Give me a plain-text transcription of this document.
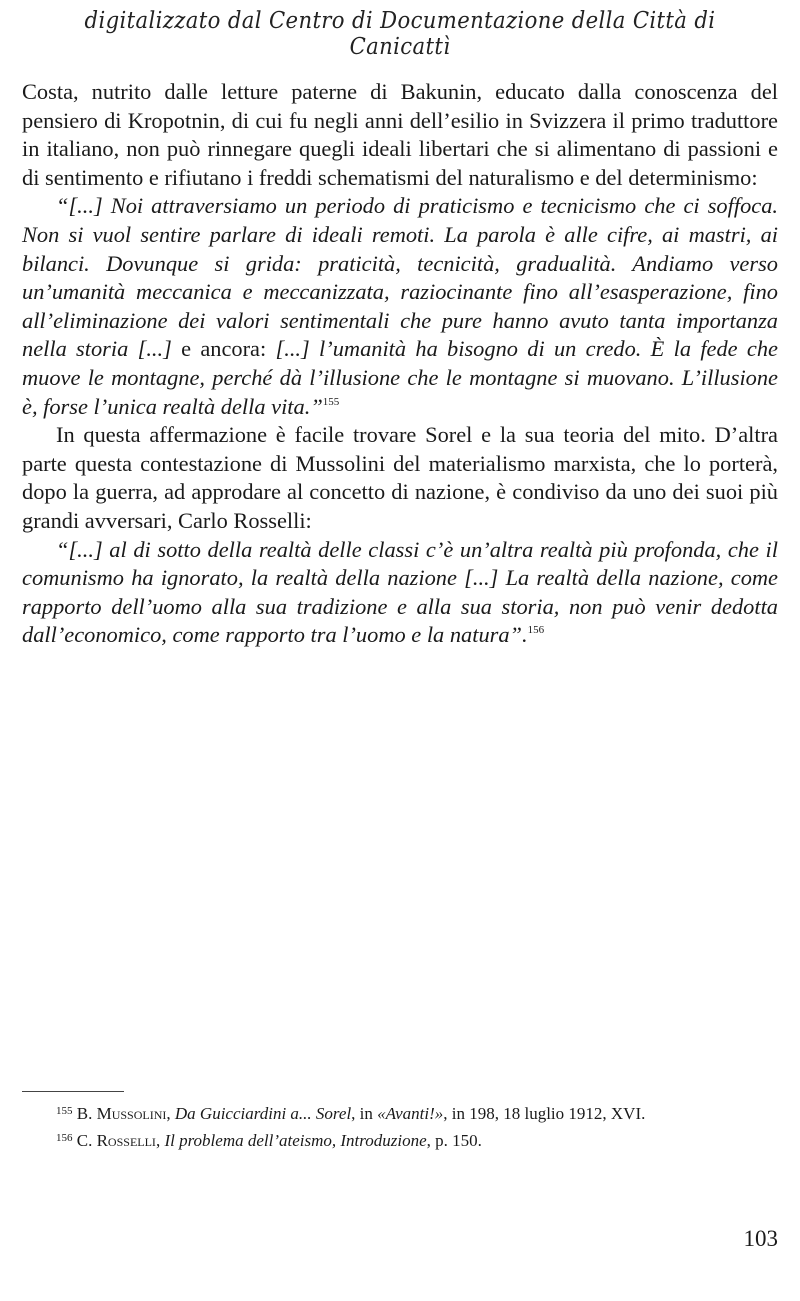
digitalizzato dal Centro di Documentazione della Città di Canicattì

Costa, nutrito dalle letture paterne di Bakunin, educato dalla conoscenza del pensiero di Kropotnin, di cui fu negli anni dell’esilio in Svizzera il primo traduttore in italiano, non può rinnegare quegli ideali libertari che si alimentano di passioni e di sentimento e rifiutano i freddi schematismi del naturalismo e del determinismo:

“[...] Noi attraversiamo un periodo di praticismo e tecnicismo che ci soffoca. Non si vuol sentire parlare di ideali remoti. La parola è alle cifre, ai mastri, ai bilanci. Dovunque si grida: praticità, tecnicità, gradualità. Andiamo verso un’umanità meccanica e meccanizzata, raziocinante fino all’esasperazione, fino all’eliminazione dei valori sentimentali che pure hanno avuto tanta importanza nella storia [...] e ancora: [...] l’umanità ha bisogno di un credo. È la fede che muove le montagne, perché dà l’illusione che le montagne si muovano. L’illusione è, forse l’unica realtà della vita.”$^{155}$

In questa affermazione è facile trovare Sorel e la sua teoria del mito. D’altra parte questa contestazione di Mussolini del materialismo marxista, che lo porterà, dopo la guerra, ad approdare al concetto di nazione, è condiviso da uno dei suoi più grandi avversari, Carlo Rosselli:

“[...] al di sotto della realtà delle classi c’è un’altra realtà più profonda, che il comunismo ha ignorato, la realtà della nazione [...] La realtà della nazione, come rapporto dell’uomo alla sua tradizione e alla sua storia, non può venir dedotta dall’economico, come rapporto tra l’uomo e la natura”.$^{156}$

$^{155}$ B. Mussolini, Da Guicciardini a... Sorel, in «Avanti!», in 198, 18 luglio 1912, XVI.

$^{156}$ C. Rosselli, Il problema dell’ateismo, Introduzione, p. 150.

103
